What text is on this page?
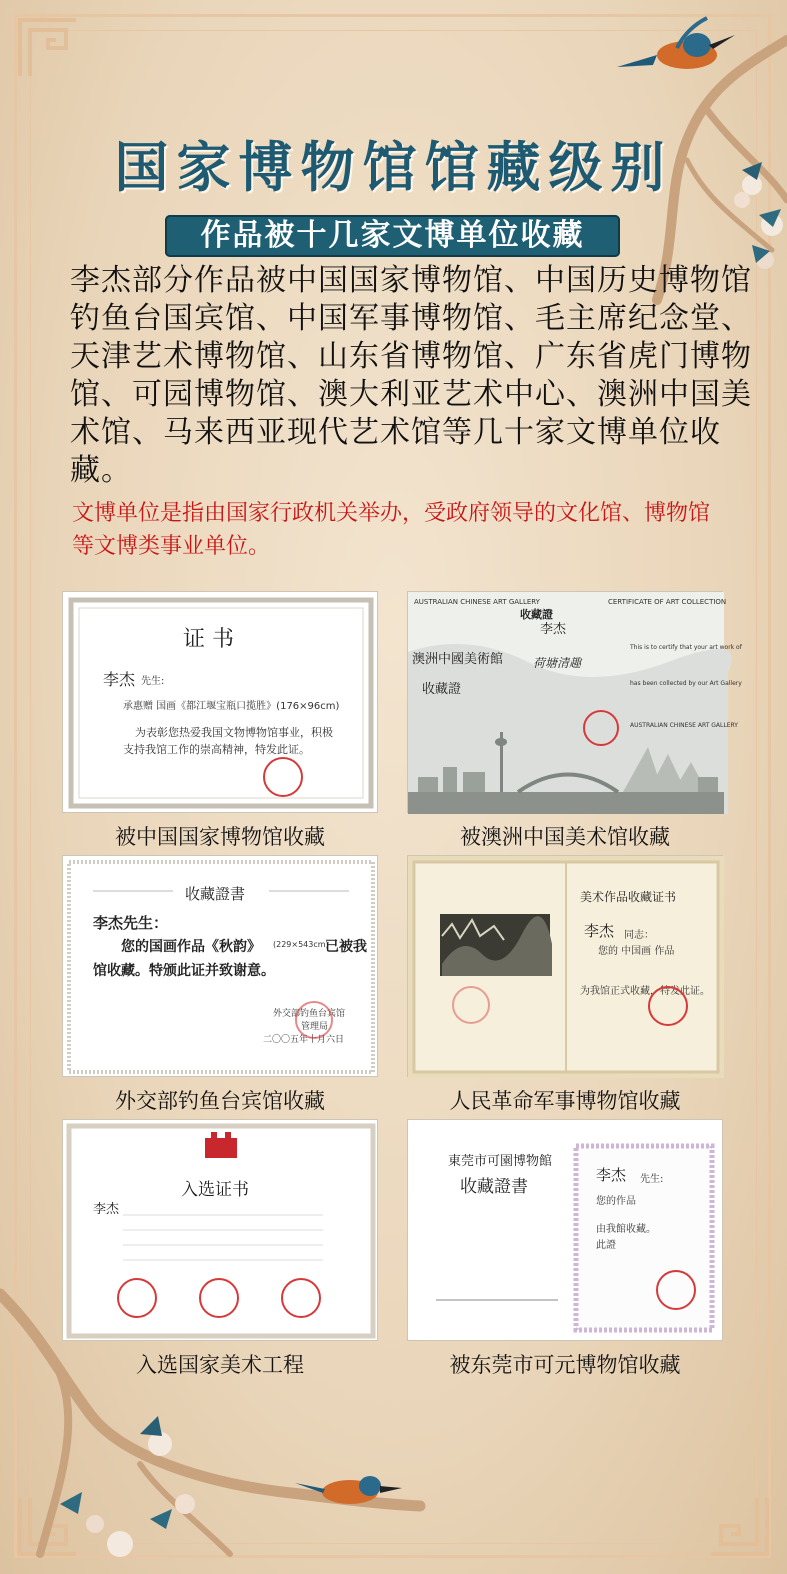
国家博物馆馆藏级别
作品被十几家文博单位收藏
李杰部分作品被中国国家博物馆、中国历史博物馆钓鱼台国宾馆、中国军事博物馆、毛主席纪念堂、天津艺术博物馆、山东省博物馆、广东省虎门博物馆、可园博物馆、澳大利亚艺术中心、澳洲中国美术馆、马来西亚现代艺术馆等几十家文博单位收藏。
文博单位是指由国家行政机关举办，受政府领导的文化馆、博物馆等文博类事业单位。
证 书
李杰 先生:
承惠赠 国画《都江堰宝瓶口揽胜》(176×96cm)
为表彰您热爱我国文物博物馆事业，积极
支持我馆工作的崇高精神，特发此证。
被中国国家博物馆收藏
AUSTRALIAN CHINESE ART GALLERY	CERTIFICATE OF ART COLLECTION
收藏證
李杰
澳洲中國美術館
收藏證
荷塘清趣
This is to certify that your art work of
has been collected by our Art Gallery
AUSTRALIAN CHINESE ART GALLERY
被澳洲中国美术馆收藏
收藏證書
李杰先生：
您的国画作品《秋韵》 (229×543cm)
已被我
馆收藏。特颁此证并致谢意。
外交部钓鱼台宾馆
管理局
二〇〇五年十月六日
外交部钓鱼台宾馆收藏
美术作品收藏证书
李杰 同志：
您的 中国画 作品
为我馆正式收藏，特发此证。
人民革命军事博物馆收藏
入选证书
李杰
入选国家美术工程
東莞市可園博物館
收藏證書
李杰 先生:
您的作品
由我館收藏。
此證
被东莞市可元博物馆收藏
